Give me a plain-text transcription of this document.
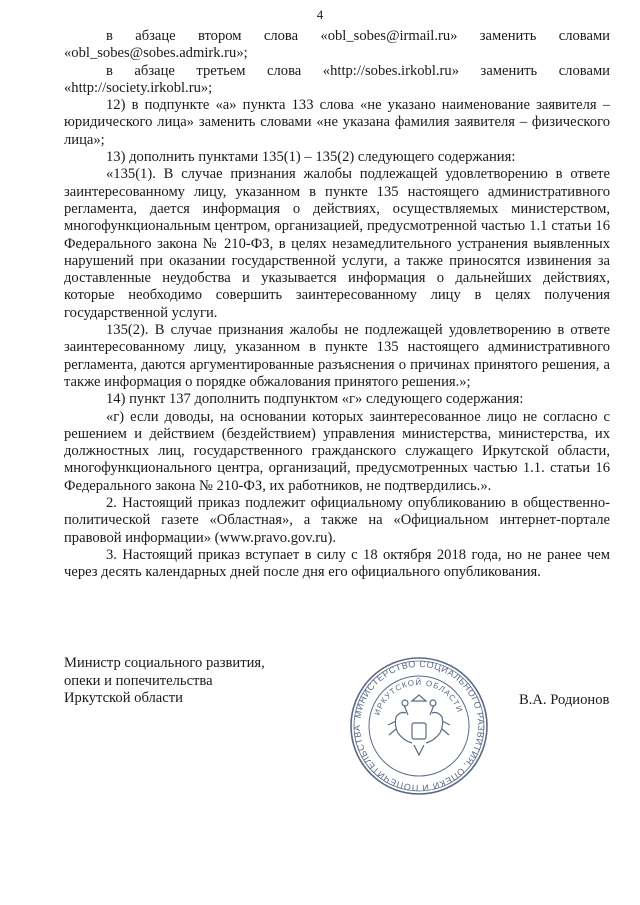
4

в абзаце втором слова «obl_sobes@irmail.ru» заменить словами «obl_sobes@sobes.admirk.ru»;

в абзаце третьем слова «http://sobes.irkobl.ru» заменить словами «http://society.irkobl.ru»;

12) в подпункте «а» пункта 133 слова «не указано наименование заявителя – юридического лица» заменить словами «не указана фамилия заявителя – физического лица»;

13) дополнить пунктами 135(1) – 135(2) следующего содержания:

«135(1). В случае признания жалобы подлежащей удовлетворению в ответе заинтересованному лицу, указанном в пункте 135 настоящего административного регламента, дается информация о действиях, осуществляемых министерством, многофункциональным центром, организацией, предусмотренной частью 1.1 статьи 16 Федерального закона № 210-ФЗ, в целях незамедлительного устранения выявленных нарушений при оказании государственной услуги, а также приносятся извинения за доставленные неудобства и указывается информация о дальнейших действиях, которые необходимо совершить заинтересованному лицу в целях получения государственной услуги.

135(2). В случае признания жалобы не подлежащей удовлетворению в ответе заинтересованному лицу, указанном в пункте 135 настоящего административного регламента, даются аргументированные разъяснения о причинах принятого решения, а также информация о порядке обжалования принятого решения.»;

14) пункт 137 дополнить подпунктом «г» следующего содержания:

«г) если доводы, на основании которых заинтересованное лицо не согласно с решением и действием (бездействием) управления министерства, министерства, их должностных лиц, государственного гражданского служащего Иркутской области, многофункционального центра, организаций, предусмотренных частью 1.1. статьи 16 Федерального закона № 210-ФЗ, их работников, не подтвердились.».

2. Настоящий приказ подлежит официальному опубликованию в общественно-политической газете «Областная», а также на «Официальном интернет-портале правовой информации» (www.pravo.gov.ru).

3. Настоящий приказ вступает в силу с 18 октября 2018 года, но не ранее чем через десять календарных дней после дня его официального опубликования.

Министр социального развития,
опеки и попечительства
Иркутской области
МИНИСТЕРСТВО СОЦИАЛЬНОГО РАЗВИТИЯ, ОПЕКИ И ПОПЕЧИТЕЛЬСТВА
ИРКУТСКОЙ ОБЛАСТИ
В.А. Родионов
